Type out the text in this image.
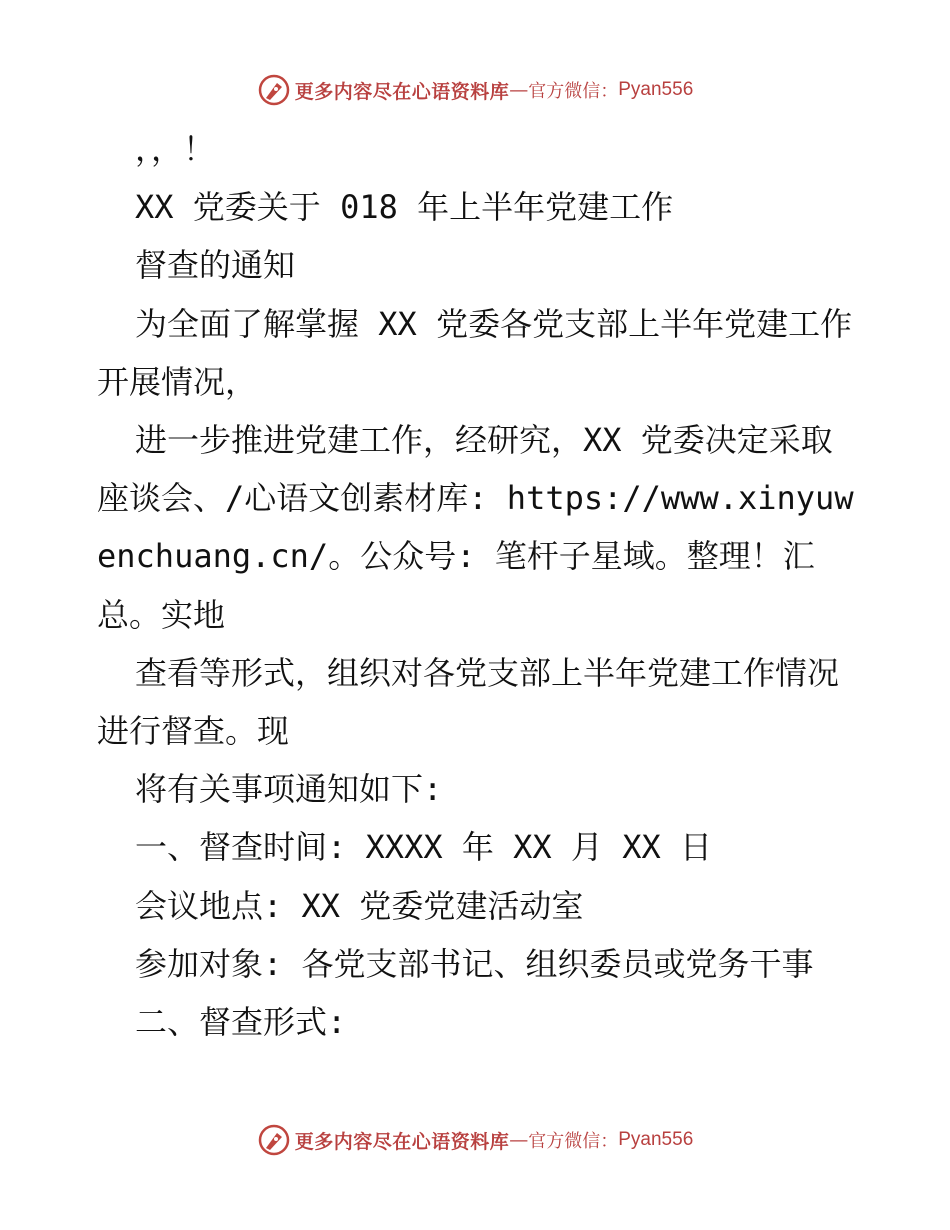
更多内容尽在心语资料库 — 官方微信： Pyan556

，，！

XX 党委关于 018 年上半年党建工作

督查的通知

为全面了解掌握 XX 党委各党支部上半年党建工作开展情况，

进一步推进党建工作，经研究，XX 党委决定采取座谈会、/心语文创素材库: https://www.xinyuwenchuang.cn/。公众号: 笔杆子星域。整理！汇总。实地

查看等形式，组织对各党支部上半年党建工作情况进行督查。现

将有关事项通知如下:

一、督查时间: XXXX 年 XX 月 XX 日

会议地点: XX 党委党建活动室

参加对象: 各党支部书记、组织委员或党务干事

二、督查形式:

更多内容尽在心语资料库 — 官方微信： Pyan556
